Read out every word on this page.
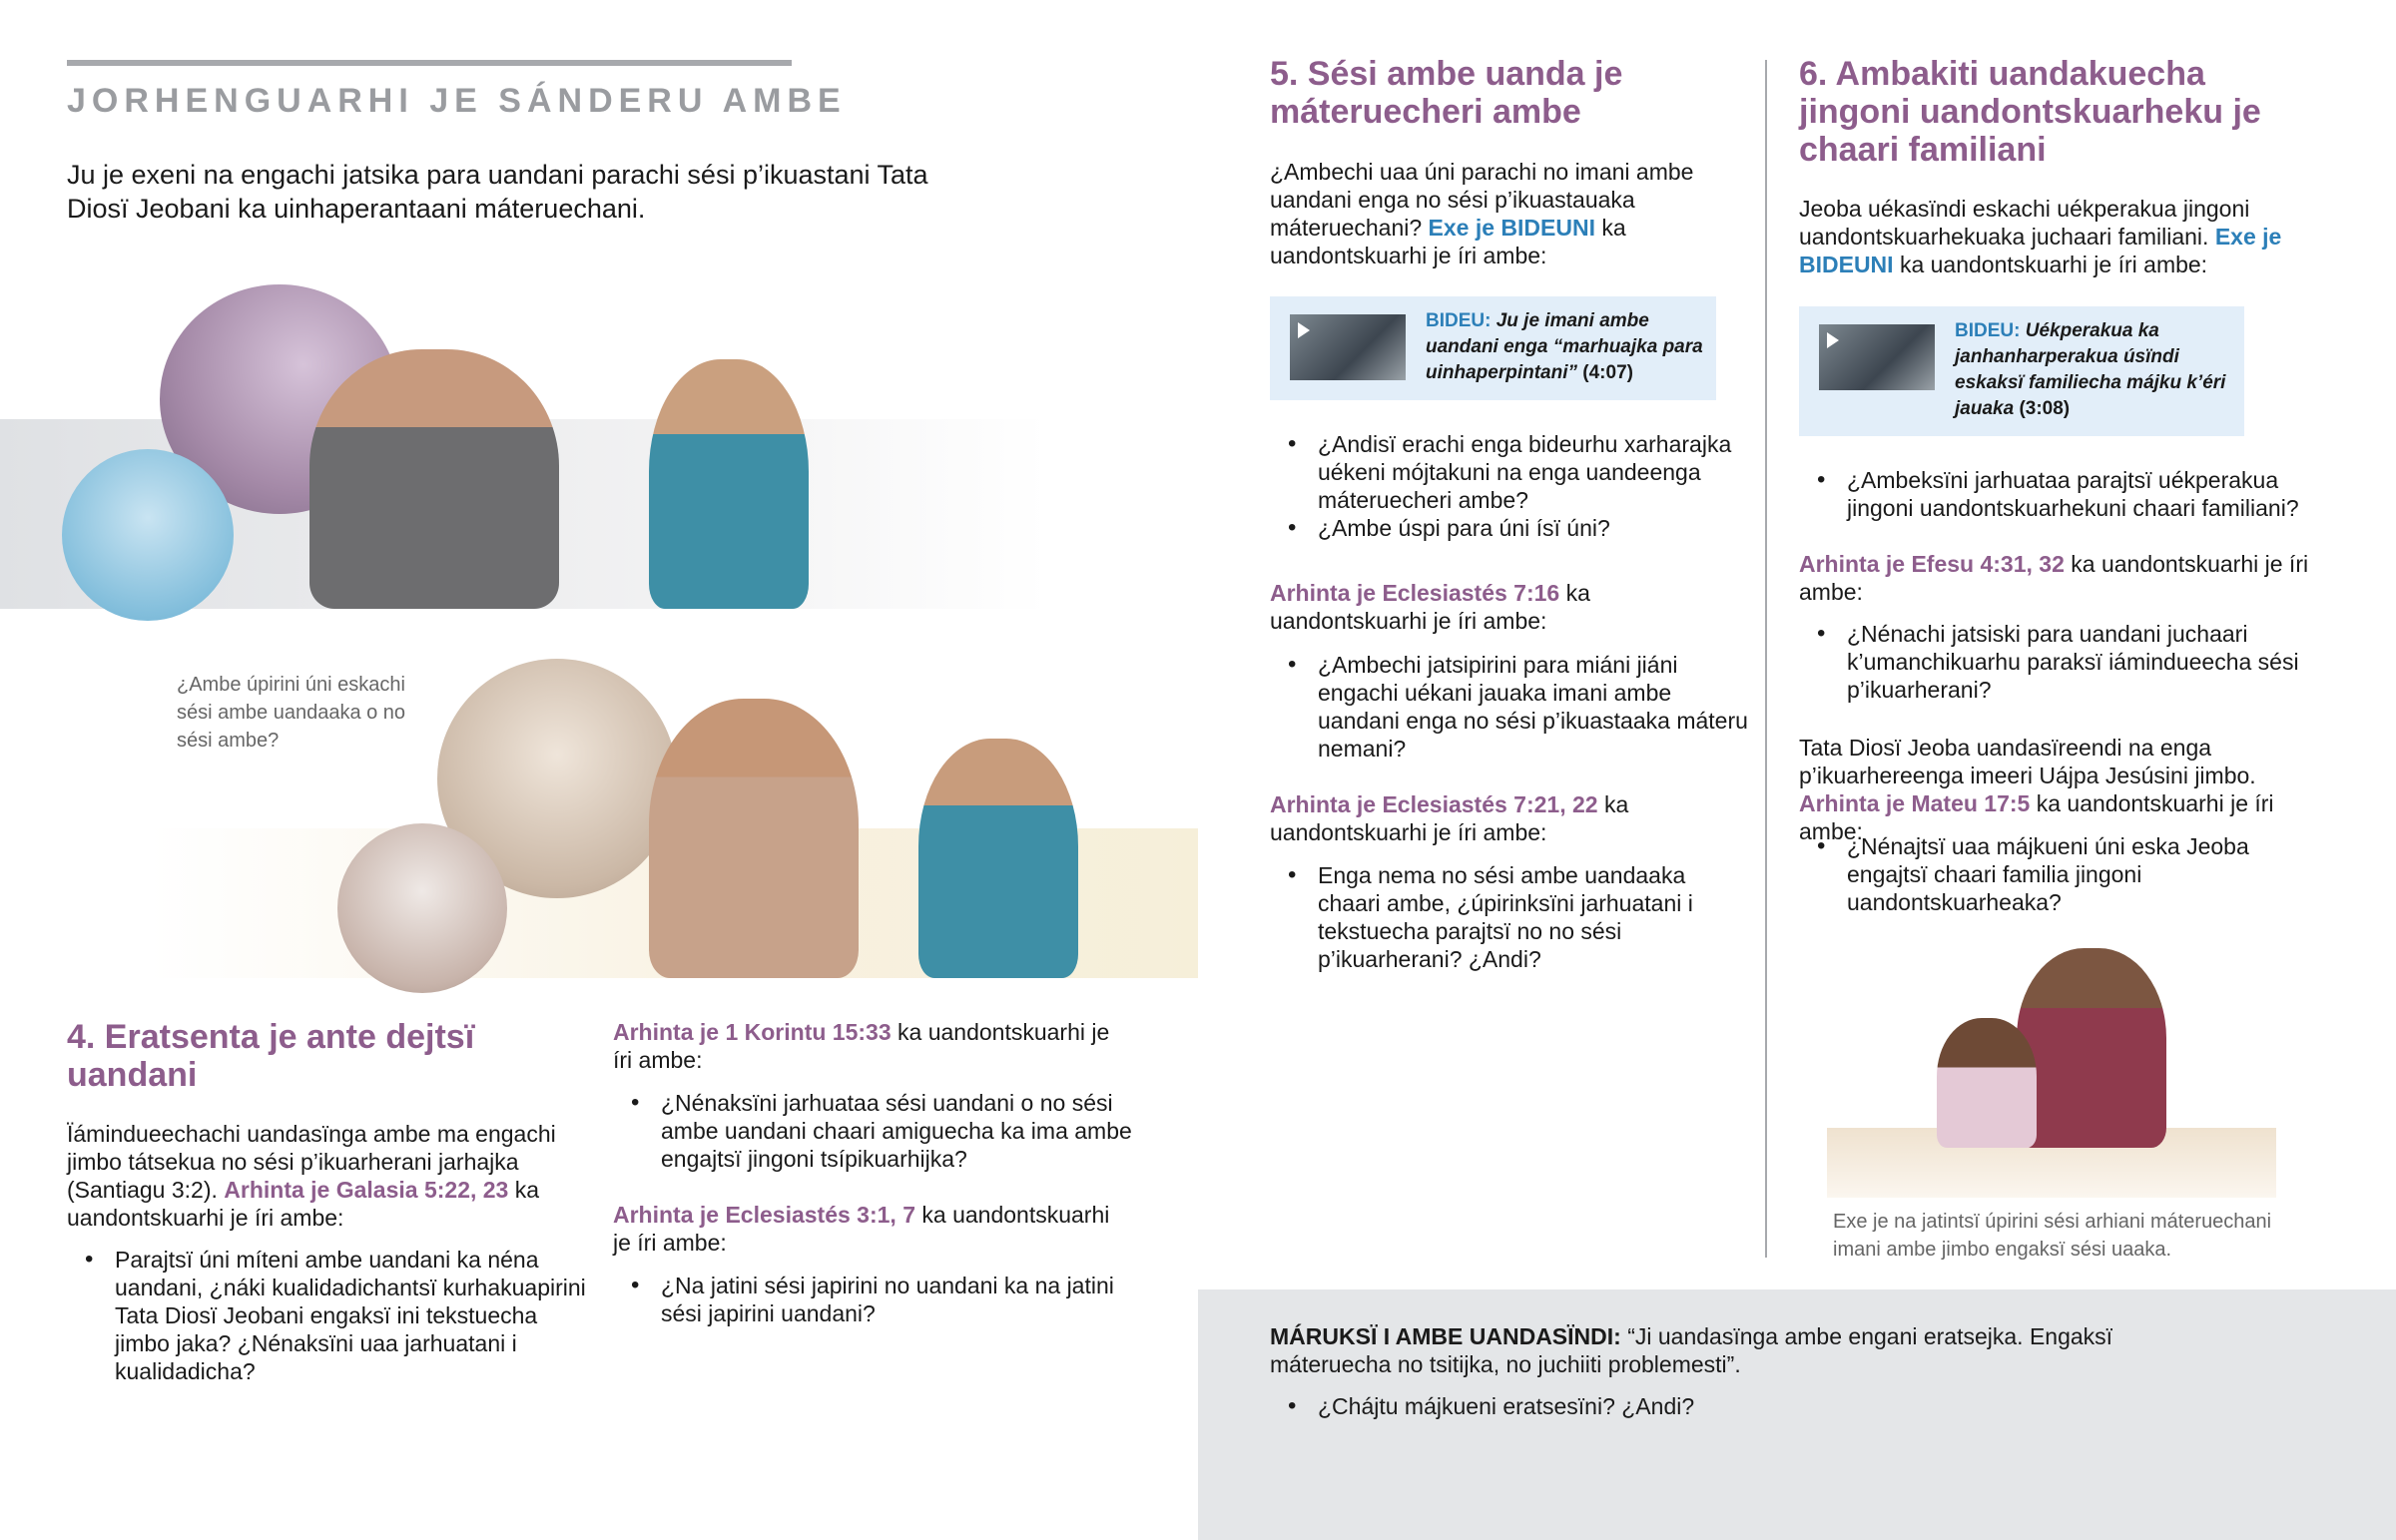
JORHENGUARHI JE SÁNDERU AMBE

Ju je exeni na engachi jatsika para uandani parachi sési p’ikuastani Tata Diosï Jeobani ka uinhaperantaani máteruechani.

¿Ambe úpirini úni eskachi sési ambe uandaaka o no sési ambe?

4. Eratsenta je ante dejtsï uandani

Ïámindueechachi uandasïnga ambe ma engachi jimbo tátsekua no sési p’ikuarherani jarhajka (Santiagu 3:2). Arhinta je Galasia 5:22, 23 ka uandontskuarhi je íri ambe:

• Parajtsï úni míteni ambe uandani ka néna uandani, ¿náki kualidadichantsï kurhakuapirini Tata Diosï Jeobani engaksï ini tekstuecha jimbo jaka? ¿Nénaksïni uaa jarhuatani i kualidadicha?

Arhinta je 1 Korintu 15:33 ka uandontskuarhi je íri ambe:

• ¿Nénaksïni jarhuataa sési uandani o no sési ambe uandani chaari amiguecha ka ima ambe engajtsï jingoni tsípikuarhijka?

Arhinta je Eclesiastés 3:1, 7 ka uandontskuarhi je íri ambe:

• ¿Na jatini sési japirini no uandani ka na jatini sési japirini uandani?
5. Sési ambe uanda je máteruecheri ambe

¿Ambechi uaa úni parachi no imani ambe uandani enga no sési p’ikuastauaka máteruechani? Exe je BIDEUNI ka uandontskuarhi je íri ambe:

BIDEU: Ju je imani ambe uandani enga “marhuajka para uinhaperpintani” (4:07)
• ¿Andisï erachi enga bideurhu xarharajka uékeni mójtakuni na enga uandeenga máteruecheri ambe?
• ¿Ambe úspi para úni ísï úni?

Arhinta je Eclesiastés 7:16 ka uandontskuarhi je íri ambe:

• ¿Ambechi jatsipirini para miáni jiáni engachi uékani jauaka imani ambe uandani enga no sési p’ikuastaaka máteru nemani?

Arhinta je Eclesiastés 7:21, 22 ka uandontskuarhi je íri ambe:

• Enga nema no sési ambe uandaaka chaari ambe, ¿úpirinksïni jarhuatani i tekstuecha parajtsï no no sési p’ikuarherani? ¿Andi?
6. Ambakiti uandakuecha jingoni uandontskuarheku je chaari familiani

Jeoba uékasïndi eskachi uékperakua jingoni uandontskuarhekuaka juchaari familiani. Exe je BIDEUNI ka uandontskuarhi je íri ambe:

BIDEU: Uékperakua ka janhanharperakua úsïndi eskaksï familiecha májku k’éri jauaka (3:08)
• ¿Ambeksïni jarhuataa parajtsï uékperakua jingoni uandontskuarhekuni chaari familiani?

Arhinta je Efesu 4:31, 32 ka uandontskuarhi je íri ambe:

• ¿Nénachi jatsiski para uandani juchaari k’umanchikuarhu paraksï iámindueecha sési p’ikuarherani?

Tata Diosï Jeoba uandasïreendi na enga p’ikuarhereenga imeeri Uájpa Jesúsini jimbo. Arhinta je Mateu 17:5 ka uandontskuarhi je íri ambe:

• ¿Nénajtsï uaa májkueni úni eska Jeoba engajtsï chaari familia jingoni uandontskuarheaka?

Exe je na jatintsï úpirini sési arhiani máteruechani imani ambe jimbo engaksï sési uaaka.

MÁRUKSÏ I AMBE UANDASÏNDI: “Ji uandasïnga ambe engani eratsejka. Engaksï máteruecha no tsitijka, no juchiiti problemesti”.

• ¿Chájtu májkueni eratsesïni? ¿Andi?
